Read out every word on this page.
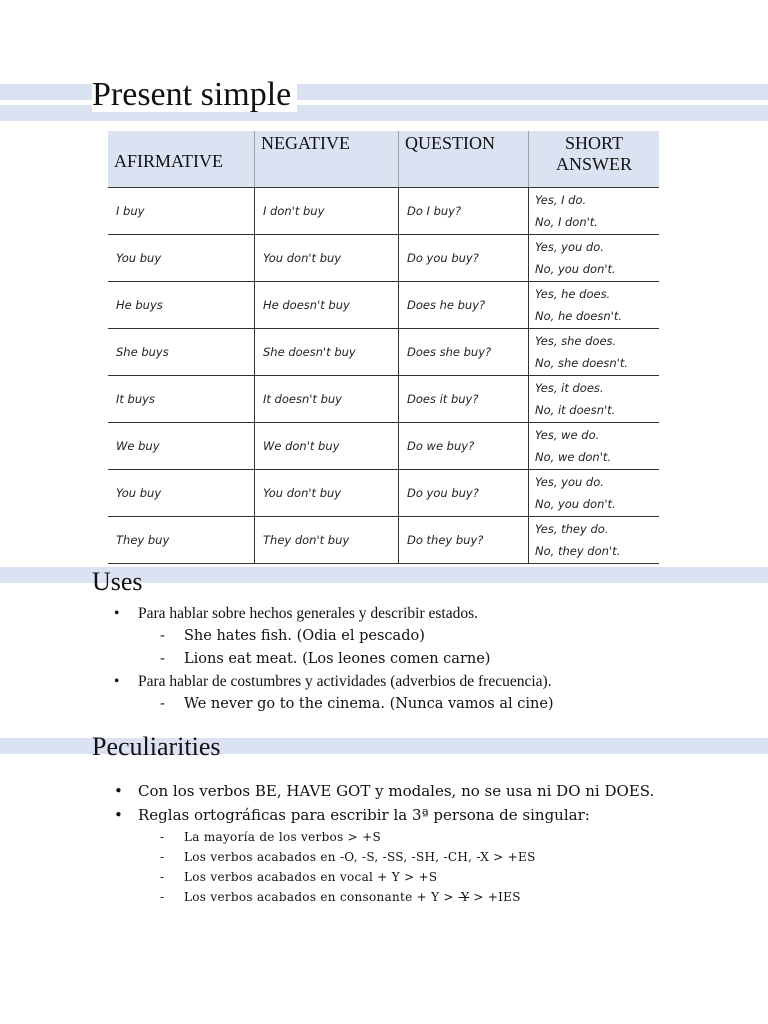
Present simple
AFIRMATIVE	NEGATIVE	QUESTION	SHORT ANSWER
I buy	I don't buy	Do I buy?	Yes, I do.
No, I don't.

You buy	You don't buy	Do you buy?	Yes, you do.
No, you don't.

He buys	He doesn't buy	Does he buy?	Yes, he does.
No, he doesn't.

She buys	She doesn't buy	Does she buy?	Yes, she does.
No, she doesn't.

It buys	It doesn't buy	Does it buy?	Yes, it does.
No, it doesn't.

We buy	We don't buy	Do we buy?	Yes, we do.
No, we don't.

You buy	You don't buy	Do you buy?	Yes, you do.
No, you don't.

They buy	They don't buy	Do they buy?	Yes, they do.
No, they don't.
Uses
• Para hablar sobre hechos generales y describir estados.
- She hates fish. (Odia el pescado)
- Lions eat meat. (Los leones comen carne)
• Para hablar de costumbres y actividades (adverbios de frecuencia).
- We never go to the cinema. (Nunca vamos al cine)
Peculiarities
• Con los verbos BE, HAVE GOT y modales, no se usa ni DO ni DOES.
• Reglas ortográficas para escribir la 3ª persona de singular:
- La mayoría de los verbos > +S
- Los verbos acabados en -O, -S, -SS, -SH, -CH, -X > +ES
- Los verbos acabados en vocal + Y > +S
- Los verbos acabados en consonante + Y > -Y > +IES
